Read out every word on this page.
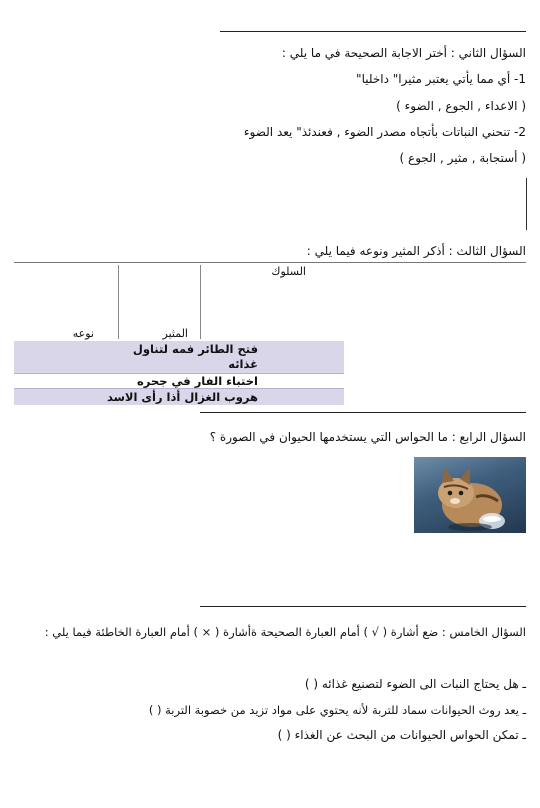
السؤال الثاني : أختر الاجابة الصحيحة في ما يلي :
1- أي مما يأتي يعتبر مثيرا" داخليا"
( الاعداء , الجوع , الضوء )
2- تنحني النباتات بأتجاه مصدر الضوء , فعندئذ" يعد الضوء
( أستجابة , مثير , الجوع )
السؤال الثالث : أذكر المثير ونوعه فيما يلي :
السلوك
المثير
نوعه
فتح الطائر فمه لتناول
غذائه
اختباء الفار في جحره
هروب الغزال أذا رأى الاسد
السؤال الرابع : ما الحواس التي يستخدمها الحيوان في الصورة ؟
السؤال الخامس : ضع أشارة ( √ ) أمام العبارة الصحيحة ةأشارة ( × ) أمام العبارة الخاطئة فيما يلي :
ـ هل يحتاج النبات الى الضوء لتصنيع غذائه ( )
ـ يعد روث الحيوانات سماد للتربة لأنه يحتوي على مواد تزيد من خصوبة التربة ( )
ـ تمكن الحواس الحيوانات من البحث عن الغذاء ( )
